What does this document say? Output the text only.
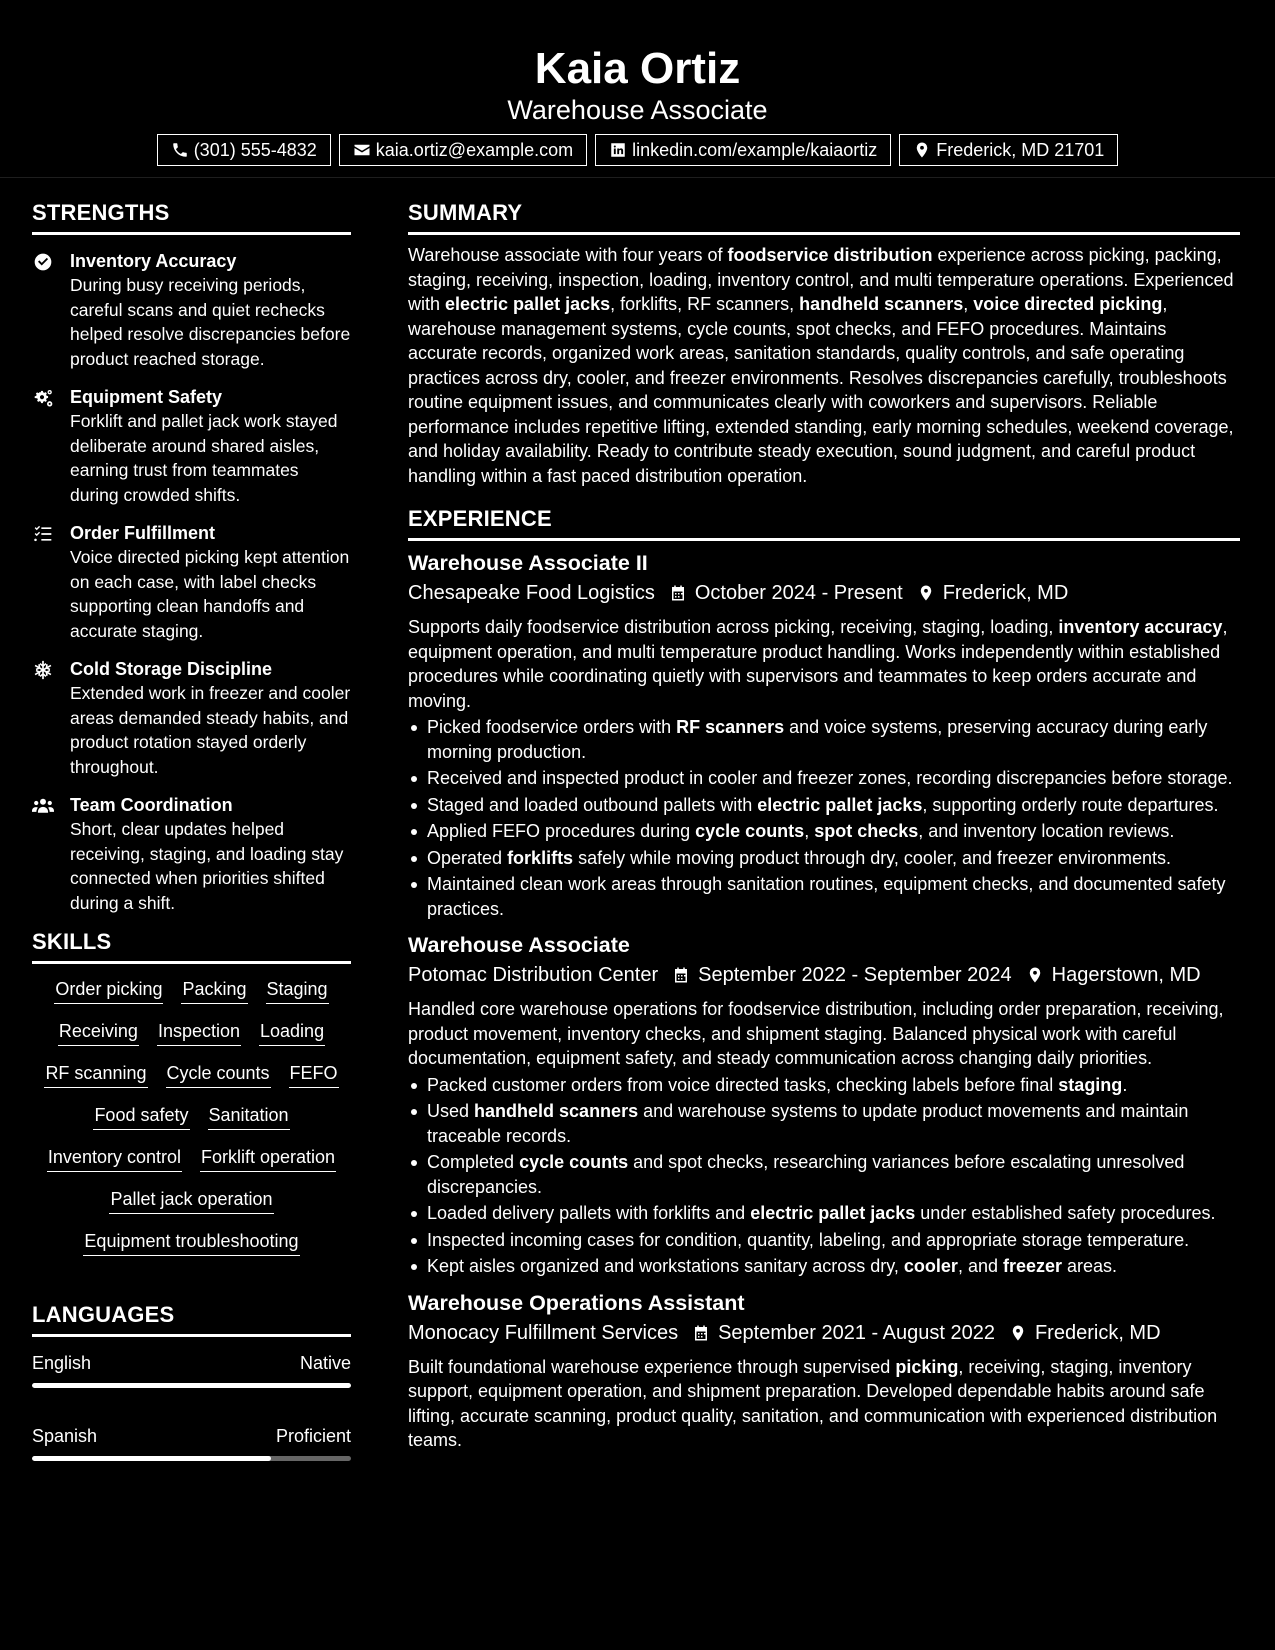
Kaia Ortiz
Warehouse Associate
(301) 555-4832	kaia.ortiz@example.com	linkedin.com/example/kaiaortiz	Frederick, MD 21701
STRENGTHS
Inventory Accuracy
During busy receiving periods, careful scans and quiet rechecks helped resolve discrepancies before product reached storage.
Equipment Safety
Forklift and pallet jack work stayed deliberate around shared aisles, earning trust from teammates during crowded shifts.
Order Fulfillment
Voice directed picking kept attention on each case, with label checks supporting clean handoffs and accurate staging.
Cold Storage Discipline
Extended work in freezer and cooler areas demanded steady habits, and product rotation stayed orderly throughout.
Team Coordination
Short, clear updates helped receiving, staging, and loading stay connected when priorities shifted during a shift.
SKILLS
Order picking Packing Staging
Receiving Inspection Loading
RF scanning Cycle counts FEFO
Food safety Sanitation
Inventory control Forklift operation
Pallet jack operation
Equipment troubleshooting
LANGUAGES
English	Native
Spanish	Proficient
SUMMARY

Warehouse associate with four years of foodservice distribution experience across picking, packing, staging, receiving, inspection, loading, inventory control, and multi temperature operations. Experienced with electric pallet jacks, forklifts, RF scanners, handheld scanners, voice directed picking, warehouse management systems, cycle counts, spot checks, and FEFO procedures. Maintains accurate records, organized work areas, sanitation standards, quality controls, and safe operating practices across dry, cooler, and freezer environments. Resolves discrepancies carefully, troubleshoots routine equipment issues, and communicates clearly with coworkers and supervisors. Reliable performance includes repetitive lifting, extended standing, early morning schedules, weekend coverage, and holiday availability. Ready to contribute steady execution, sound judgment, and careful product handling within a fast paced distribution operation.

EXPERIENCE
Warehouse Associate II
Chesapeake Food Logistics October 2024 - Present Frederick, MD

Supports daily foodservice distribution across picking, receiving, staging, loading, inventory accuracy, equipment operation, and multi temperature product handling. Works independently within established procedures while coordinating quietly with supervisors and teammates to keep orders accurate and moving.

Picked foodservice orders with RF scanners and voice systems, preserving accuracy during early morning production.
Received and inspected product in cooler and freezer zones, recording discrepancies before storage.
Staged and loaded outbound pallets with electric pallet jacks, supporting orderly route departures.
Applied FEFO procedures during cycle counts, spot checks, and inventory location reviews.
Operated forklifts safely while moving product through dry, cooler, and freezer environments.
Maintained clean work areas through sanitation routines, equipment checks, and documented safety practices.
Warehouse Associate
Potomac Distribution Center September 2022 - September 2024 Hagerstown, MD

Handled core warehouse operations for foodservice distribution, including order preparation, receiving, product movement, inventory checks, and shipment staging. Balanced physical work with careful documentation, equipment safety, and steady communication across changing daily priorities.

Packed customer orders from voice directed tasks, checking labels before final staging.
Used handheld scanners and warehouse systems to update product movements and maintain traceable records.
Completed cycle counts and spot checks, researching variances before escalating unresolved discrepancies.
Loaded delivery pallets with forklifts and electric pallet jacks under established safety procedures.
Inspected incoming cases for condition, quantity, labeling, and appropriate storage temperature.
Kept aisles organized and workstations sanitary across dry, cooler, and freezer areas.
Warehouse Operations Assistant
Monocacy Fulfillment Services September 2021 - August 2022 Frederick, MD

Built foundational warehouse experience through supervised picking, receiving, staging, inventory support, equipment operation, and shipment preparation. Developed dependable habits around safe lifting, accurate scanning, product quality, sanitation, and communication with experienced distribution teams.
